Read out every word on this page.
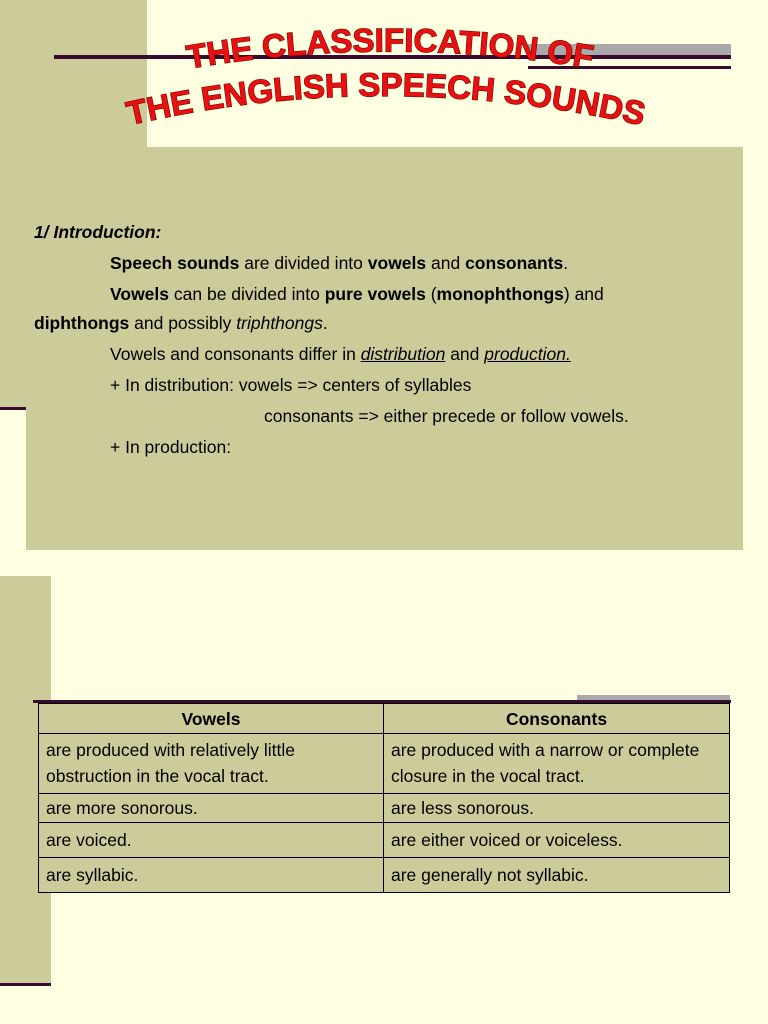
THE CLASSIFICATION OF
THE ENGLISH SPEECH SOUNDS
1/ Introduction:
Speech sounds are divided into vowels and consonants.
Vowels can be divided into pure vowels (monophthongs) and
diphthongs and possibly triphthongs.
Vowels and consonants differ in distribution and production.
+ In distribution: vowels => centers of syllables
consonants => either precede or follow vowels.
+ In production:
Vowels	Consonants
are produced with relatively little obstruction in the vocal tract.	are produced with a narrow or complete closure in the vocal tract.
are more sonorous.	are less sonorous.
are voiced.	are either voiced or voiceless.
are syllabic.	are generally not syllabic.
